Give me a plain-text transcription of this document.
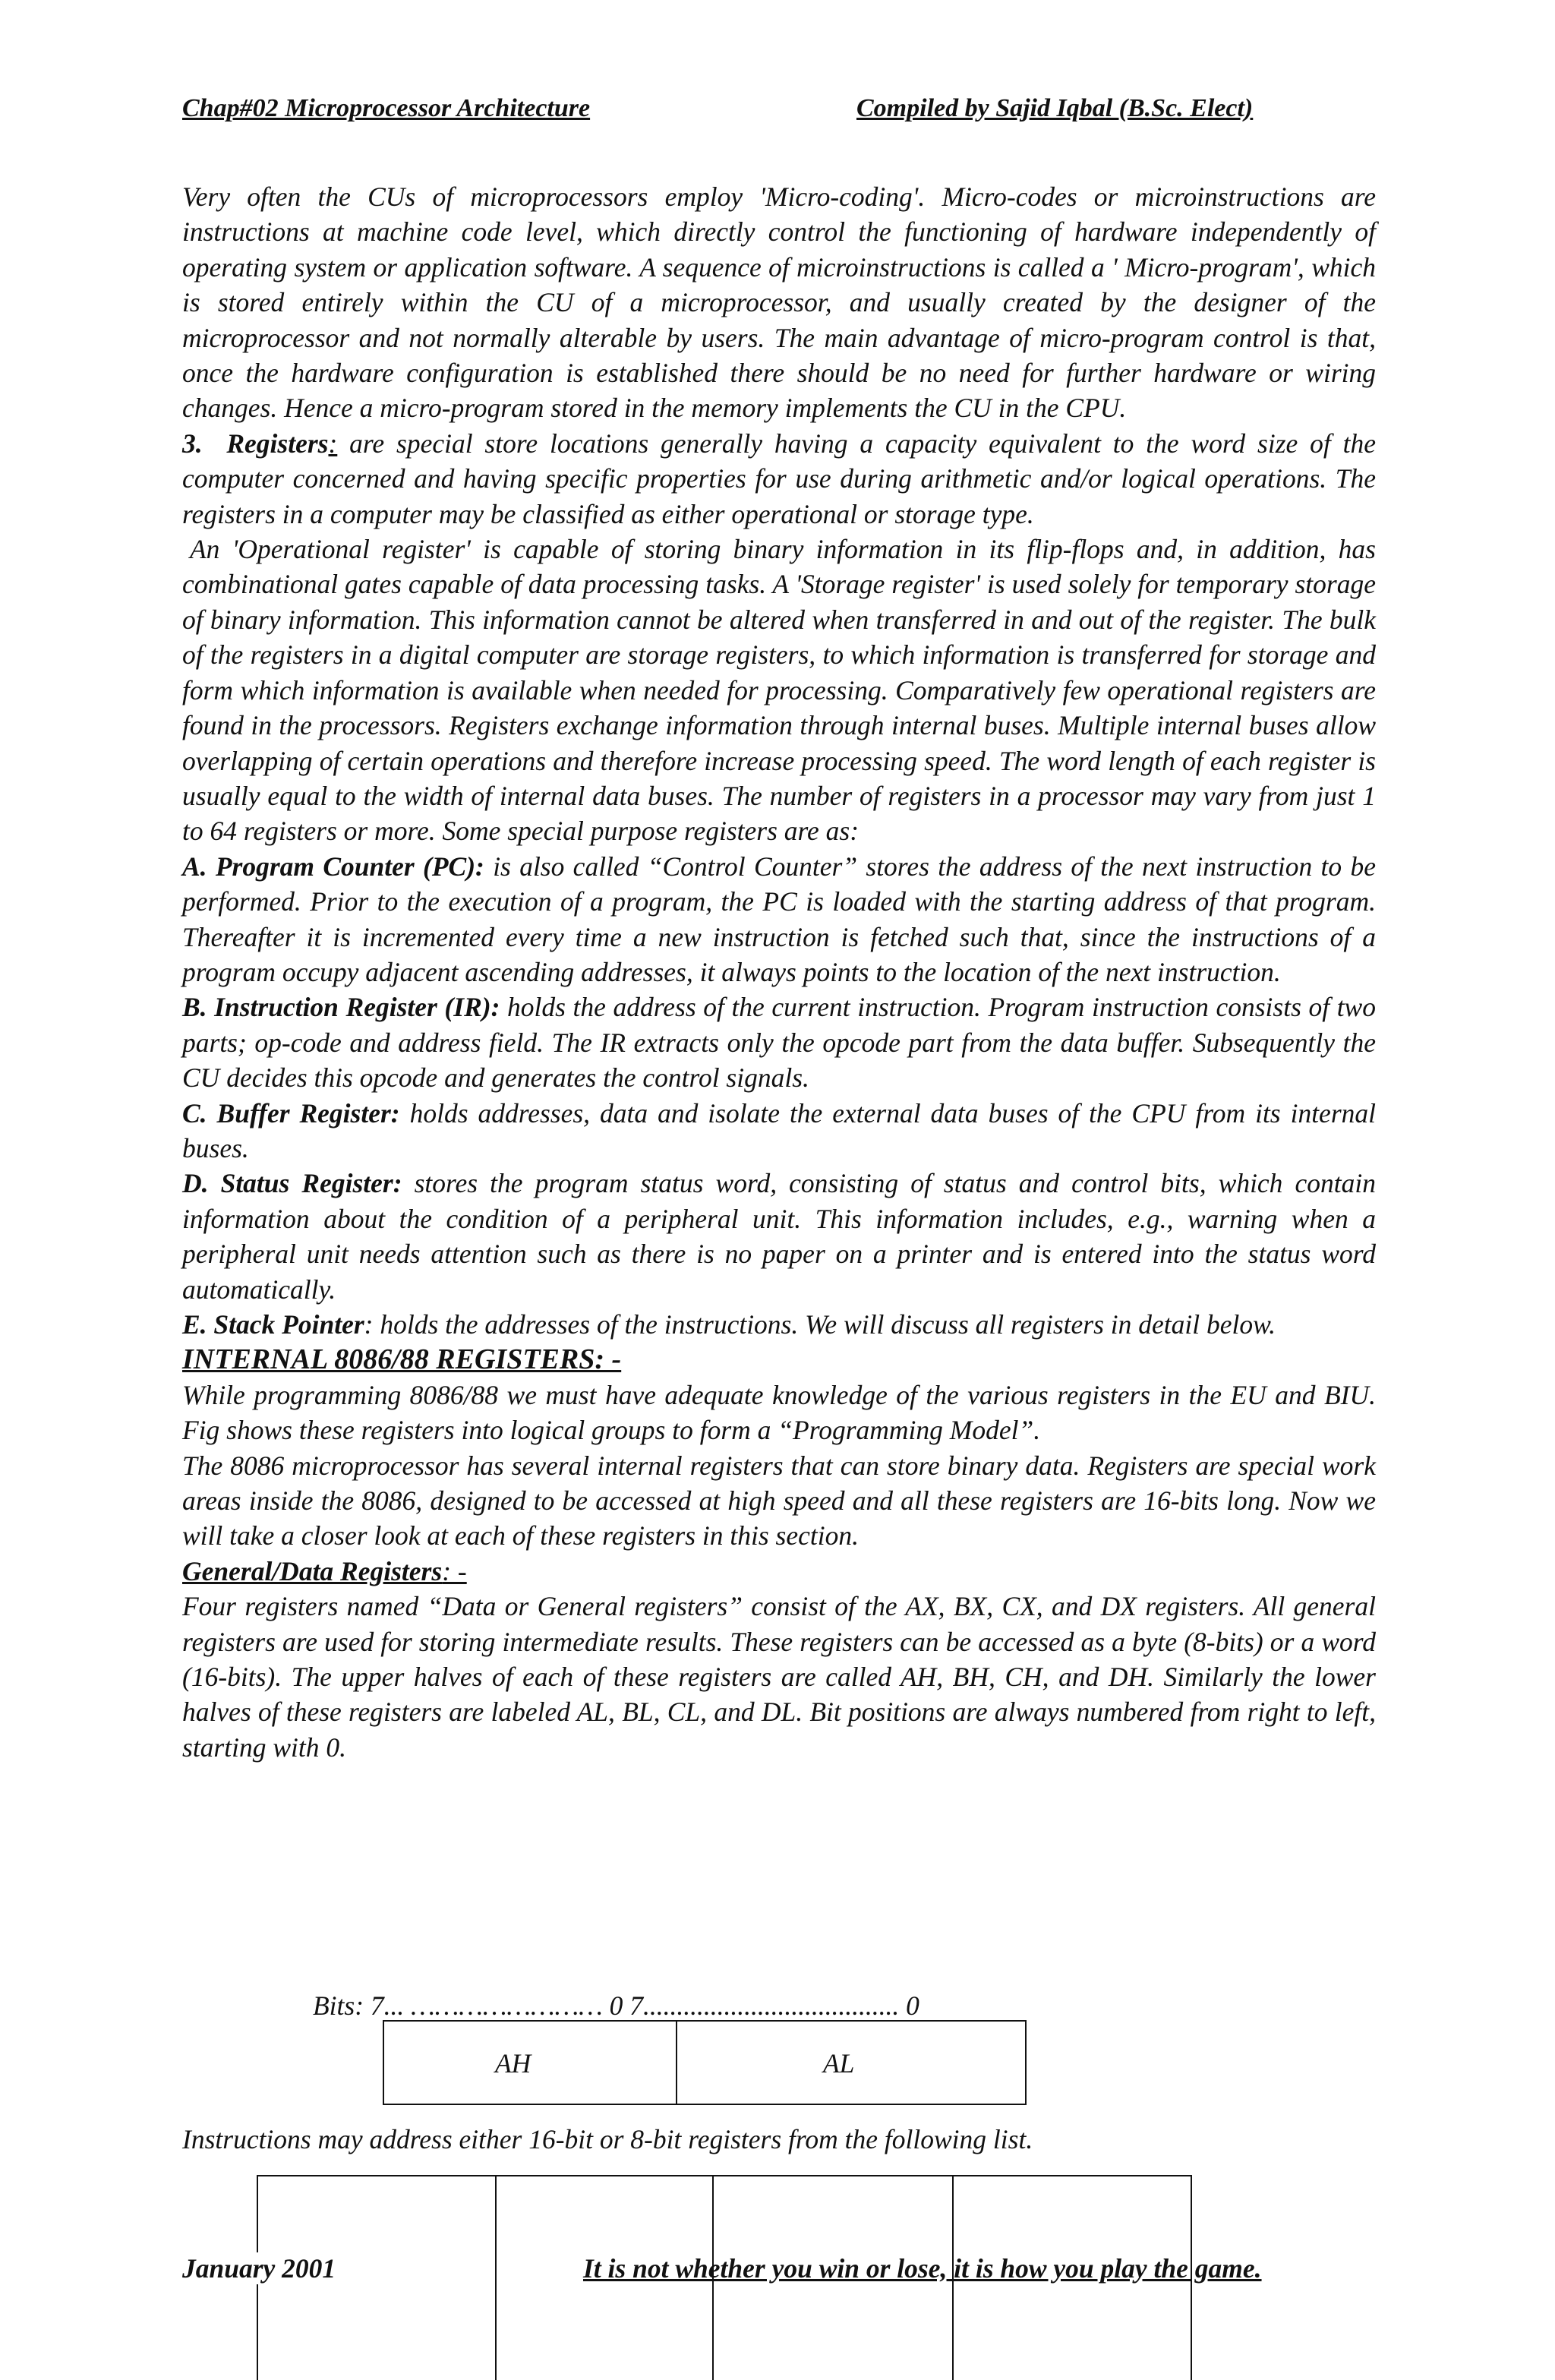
Chap#02 Microprocessor Architecture	Compiled by Sajid Iqbal (B.Sc. Elect)

Very often the CUs of microprocessors employ 'Micro-coding'. Micro-codes or microinstructions are instructions at machine code level, which directly control the functioning of hardware independently of operating system or application software. A sequence of microinstructions is called a ' Micro-program', which is stored entirely within the CU of a microprocessor, and usually created by the designer of the microprocessor and not normally alterable by users. The main advantage of micro-program control is that, once the hardware configuration is established there should be no need for further hardware or wiring changes. Hence a micro-program stored in the memory implements the CU in the CPU.

3. Registers: are special store locations generally having a capacity equivalent to the word size of the computer concerned and having specific properties for use during arithmetic and/or logical operations. The registers in a computer may be classified as either operational or storage type.

An 'Operational register' is capable of storing binary information in its flip-flops and, in addition, has combinational gates capable of data processing tasks. A 'Storage register' is used solely for temporary storage of binary information. This information cannot be altered when transferred in and out of the register. The bulk of the registers in a digital computer are storage registers, to which information is transferred for storage and form which information is available when needed for processing. Comparatively few operational registers are found in the processors. Registers exchange information through internal buses. Multiple internal buses allow overlapping of certain operations and therefore increase processing speed. The word length of each register is usually equal to the width of internal data buses. The number of registers in a processor may vary from just 1 to 64 registers or more. Some special purpose registers are as:

A. Program Counter (PC): is also called “Control Counter” stores the address of the next instruction to be performed. Prior to the execution of a program, the PC is loaded with the starting address of that program. Thereafter it is incremented every time a new instruction is fetched such that, since the instructions of a program occupy adjacent ascending addresses, it always points to the location of the next instruction.

B. Instruction Register (IR): holds the address of the current instruction. Program instruction consists of two parts; op-code and address field. The IR extracts only the opcode part from the data buffer. Subsequently the CU decides this opcode and generates the control signals.

C. Buffer Register: holds addresses, data and isolate the external data buses of the CPU from its internal buses.

D. Status Register: stores the program status word, consisting of status and control bits, which contain information about the condition of a peripheral unit. This information includes, e.g., warning when a peripheral unit needs attention such as there is no paper on a printer and is entered into the status word automatically.

E. Stack Pointer: holds the addresses of the instructions. We will discuss all registers in detail below.

INTERNAL 8086/88 REGISTERS: -

While programming 8086/88 we must have adequate knowledge of the various registers in the EU and BIU. Fig shows these registers into logical groups to form a “Programming Model”.

The 8086 microprocessor has several internal registers that can store binary data. Registers are special work areas inside the 8086, designed to be accessed at high speed and all these registers are 16-bits long. Now we will take a closer look at each of these registers in this section.

General/Data Registers: -

Four registers named “Data or General registers” consist of the AX, BX, CX, and DX registers. All general registers are used for storing intermediate results. These registers can be accessed as a byte (8-bits) or a word (16-bits). The upper halves of each of these registers are called AH, BH, CH, and DH. Similarly the lower halves of these registers are labeled AL, BL, CL, and DL. Bit positions are always numbered from right to left, starting with 0.

Bits: 7... …………………… 0 7...................................... 0
AH	AL
Instructions may address either 16-bit or 8-bit registers from the following list.
January 2001	It is not whether you win or lose, it is how you play the game.
